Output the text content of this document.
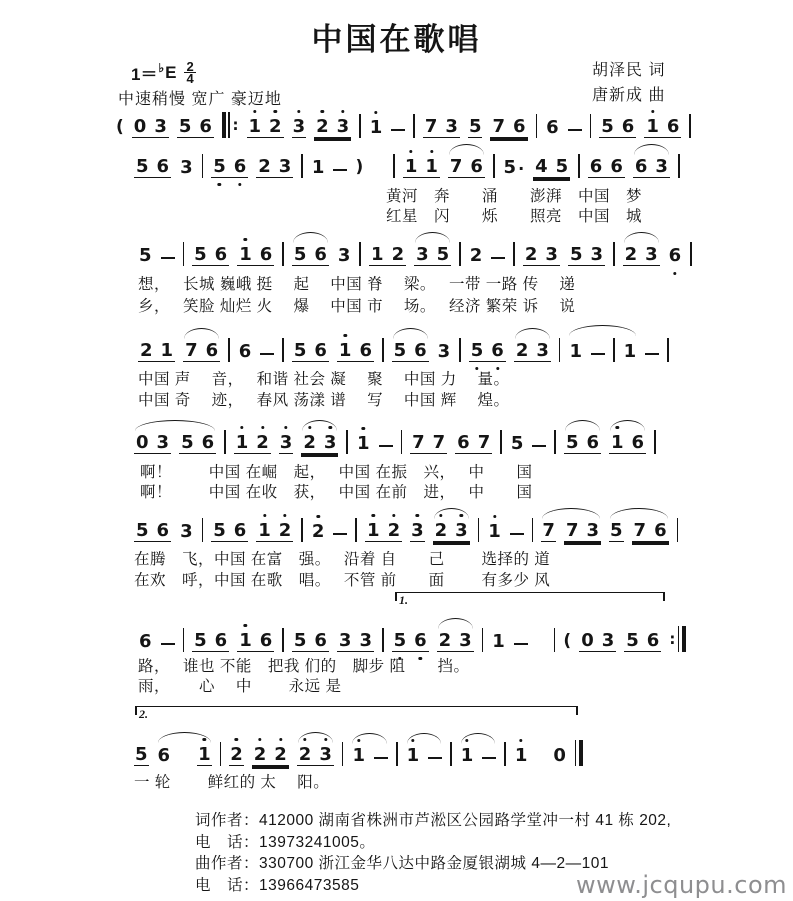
中国在歌唱
1＝ ♭ E $\frac{2}{4}$
中速稍慢 宽广 豪迈地
胡泽民 词
唐新成 曲
( 0 3 5 6 : 1 2 3 2 3 1 7 3 5 7 6 6 5 6 1 6
5 6 3 5 6 2 3 1 ) 1 1 7 6 5 · 4 5 6 6 6 3
黄河　奔　　涌　　澎湃　中国　梦
红星　闪　　烁　　照亮　中国　城
5 5 6 1 6 5 6 3 1 2 3 5 2 2 3 5 3 2 3 6
想，　 长城 巍峨 挺　 起　 中国 脊　 梁。　 一带 一路 传　 递
乡，　 笑脸 灿烂 火　 爆　 中国 市　 场。　 经济 繁荣 诉　 说
2 1 7 6 6 5 6 1 6 5 6 3 5 6 2 3 1 1
中国 声　 音，　 和谐 社会 凝　 聚　 中国 力　 量。
中国 奇　 迹，　 春风 荡漾 谱　 写　 中国 辉　 煌。
0 3 5 6 1 2 3 2 3 1 7 7 6 7 5 5 6 1 6
啊！　　 中国 在崛　起，　 中国 在振　兴，　 中　　国
啊！　　 中国 在收　获，　 中国 在前　进，　 中　　国
5 6 3 5 6 1 2 2 1 2 3 2 3 1 7 7 3 5 7 6
在腾　飞，中国 在富　强。　 沿着 自　　己　　 选择的 道
在欢　呼，中国 在歌　唱。　 不管 前　　面　　 有多少 风
1.
6 5 6 1 6 5 6 3 3 5 6 2 3 1	( 0 3 5 6 :
路，　 谁也 不能　把我 们的　脚步 阻　　挡。
雨，　　 心　 中　　 永远 是
2.
5 6 1 2 2 2 2 3 1 1 1 1 0
一 轮　　 鲜红的 太　 阳。
词作者：412000 湖南省株洲市芦淞区公园路学堂冲一村 41 栋 202,
电　话：13973241005。
曲作者：330700 浙江金华八达中路金厦银湖城 4—2—101
电　话：13966473585	www.jcqupu.com
